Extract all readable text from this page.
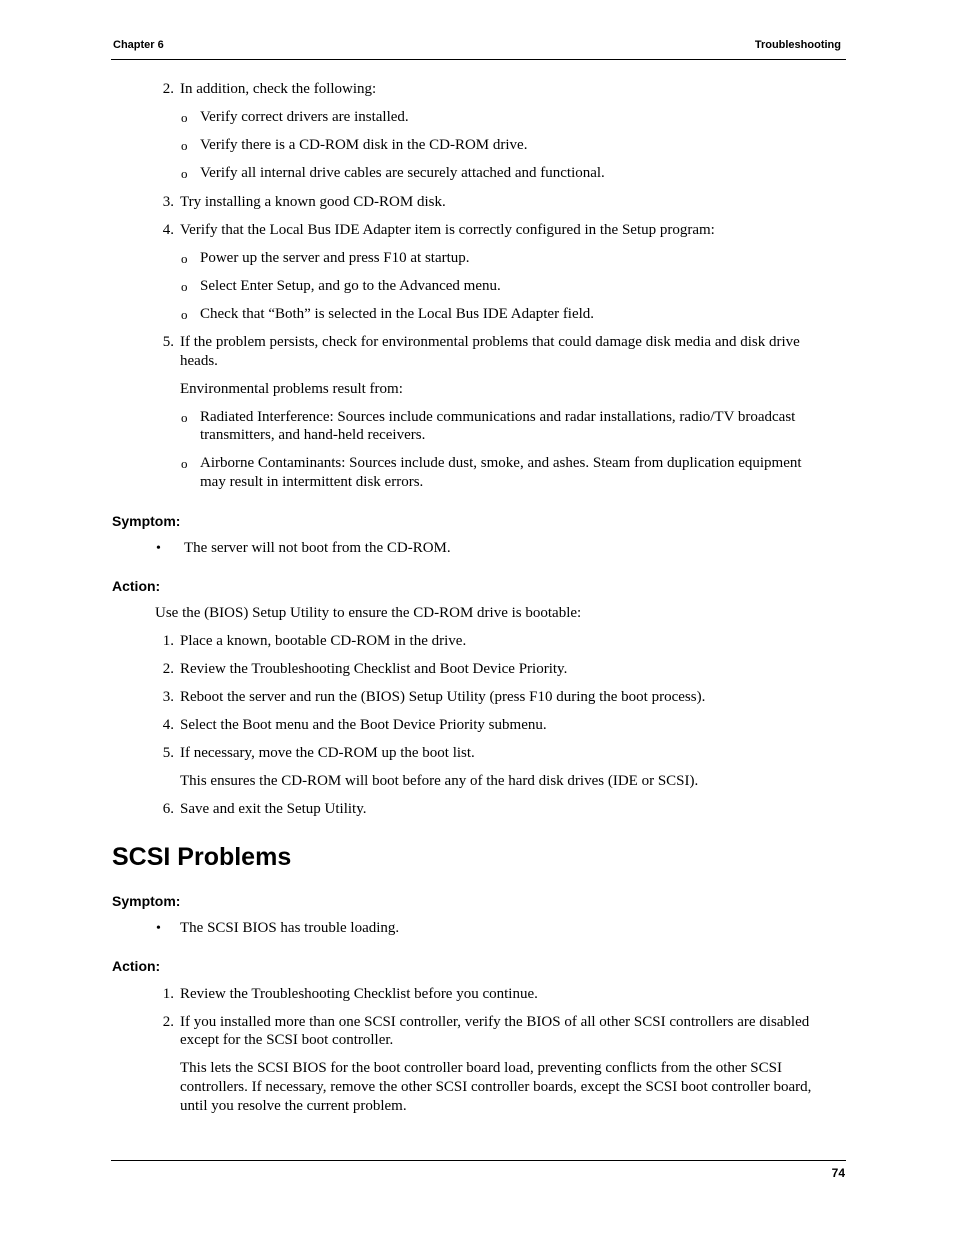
Chapter 6	Troubleshooting
2. In addition, check the following:
o Verify correct drivers are installed.
o Verify there is a CD-ROM disk in the CD-ROM drive.
o Verify all internal drive cables are securely attached and functional.
3. Try installing a known good CD-ROM disk.
4. Verify that the Local Bus IDE Adapter item is correctly configured in the Setup program:
o Power up the server and press F10 at startup.
o Select Enter Setup, and go to the Advanced menu.
o Check that “Both” is selected in the Local Bus IDE Adapter field.
5. If the problem persists, check for environmental problems that could damage disk media and disk drive
heads.
Environmental problems result from:
o Radiated Interference: Sources include communications and radar installations, radio/TV broadcast
transmitters, and hand-held receivers.
o Airborne Contaminants: Sources include dust, smoke, and ashes. Steam from duplication equipment
may result in intermittent disk errors.
Symptom:
• The server will not boot from the CD-ROM.
Action:
Use the (BIOS) Setup Utility to ensure the CD-ROM drive is bootable:
1. Place a known, bootable CD-ROM in the drive.
2. Review the Troubleshooting Checklist and Boot Device Priority.
3. Reboot the server and run the (BIOS) Setup Utility (press F10 during the boot process).
4. Select the Boot menu and the Boot Device Priority submenu.
5. If necessary, move the CD-ROM up the boot list.
This ensures the CD-ROM will boot before any of the hard disk drives (IDE or SCSI).
6. Save and exit the Setup Utility.
SCSI Problems
Symptom:
• The SCSI BIOS has trouble loading.
Action:
1. Review the Troubleshooting Checklist before you continue.
2. If you installed more than one SCSI controller, verify the BIOS of all other SCSI controllers are disabled
except for the SCSI boot controller.
This lets the SCSI BIOS for the boot controller board load, preventing conflicts from the other SCSI
controllers. If necessary, remove the other SCSI controller boards, except the SCSI boot controller board,
until you resolve the current problem.
74
